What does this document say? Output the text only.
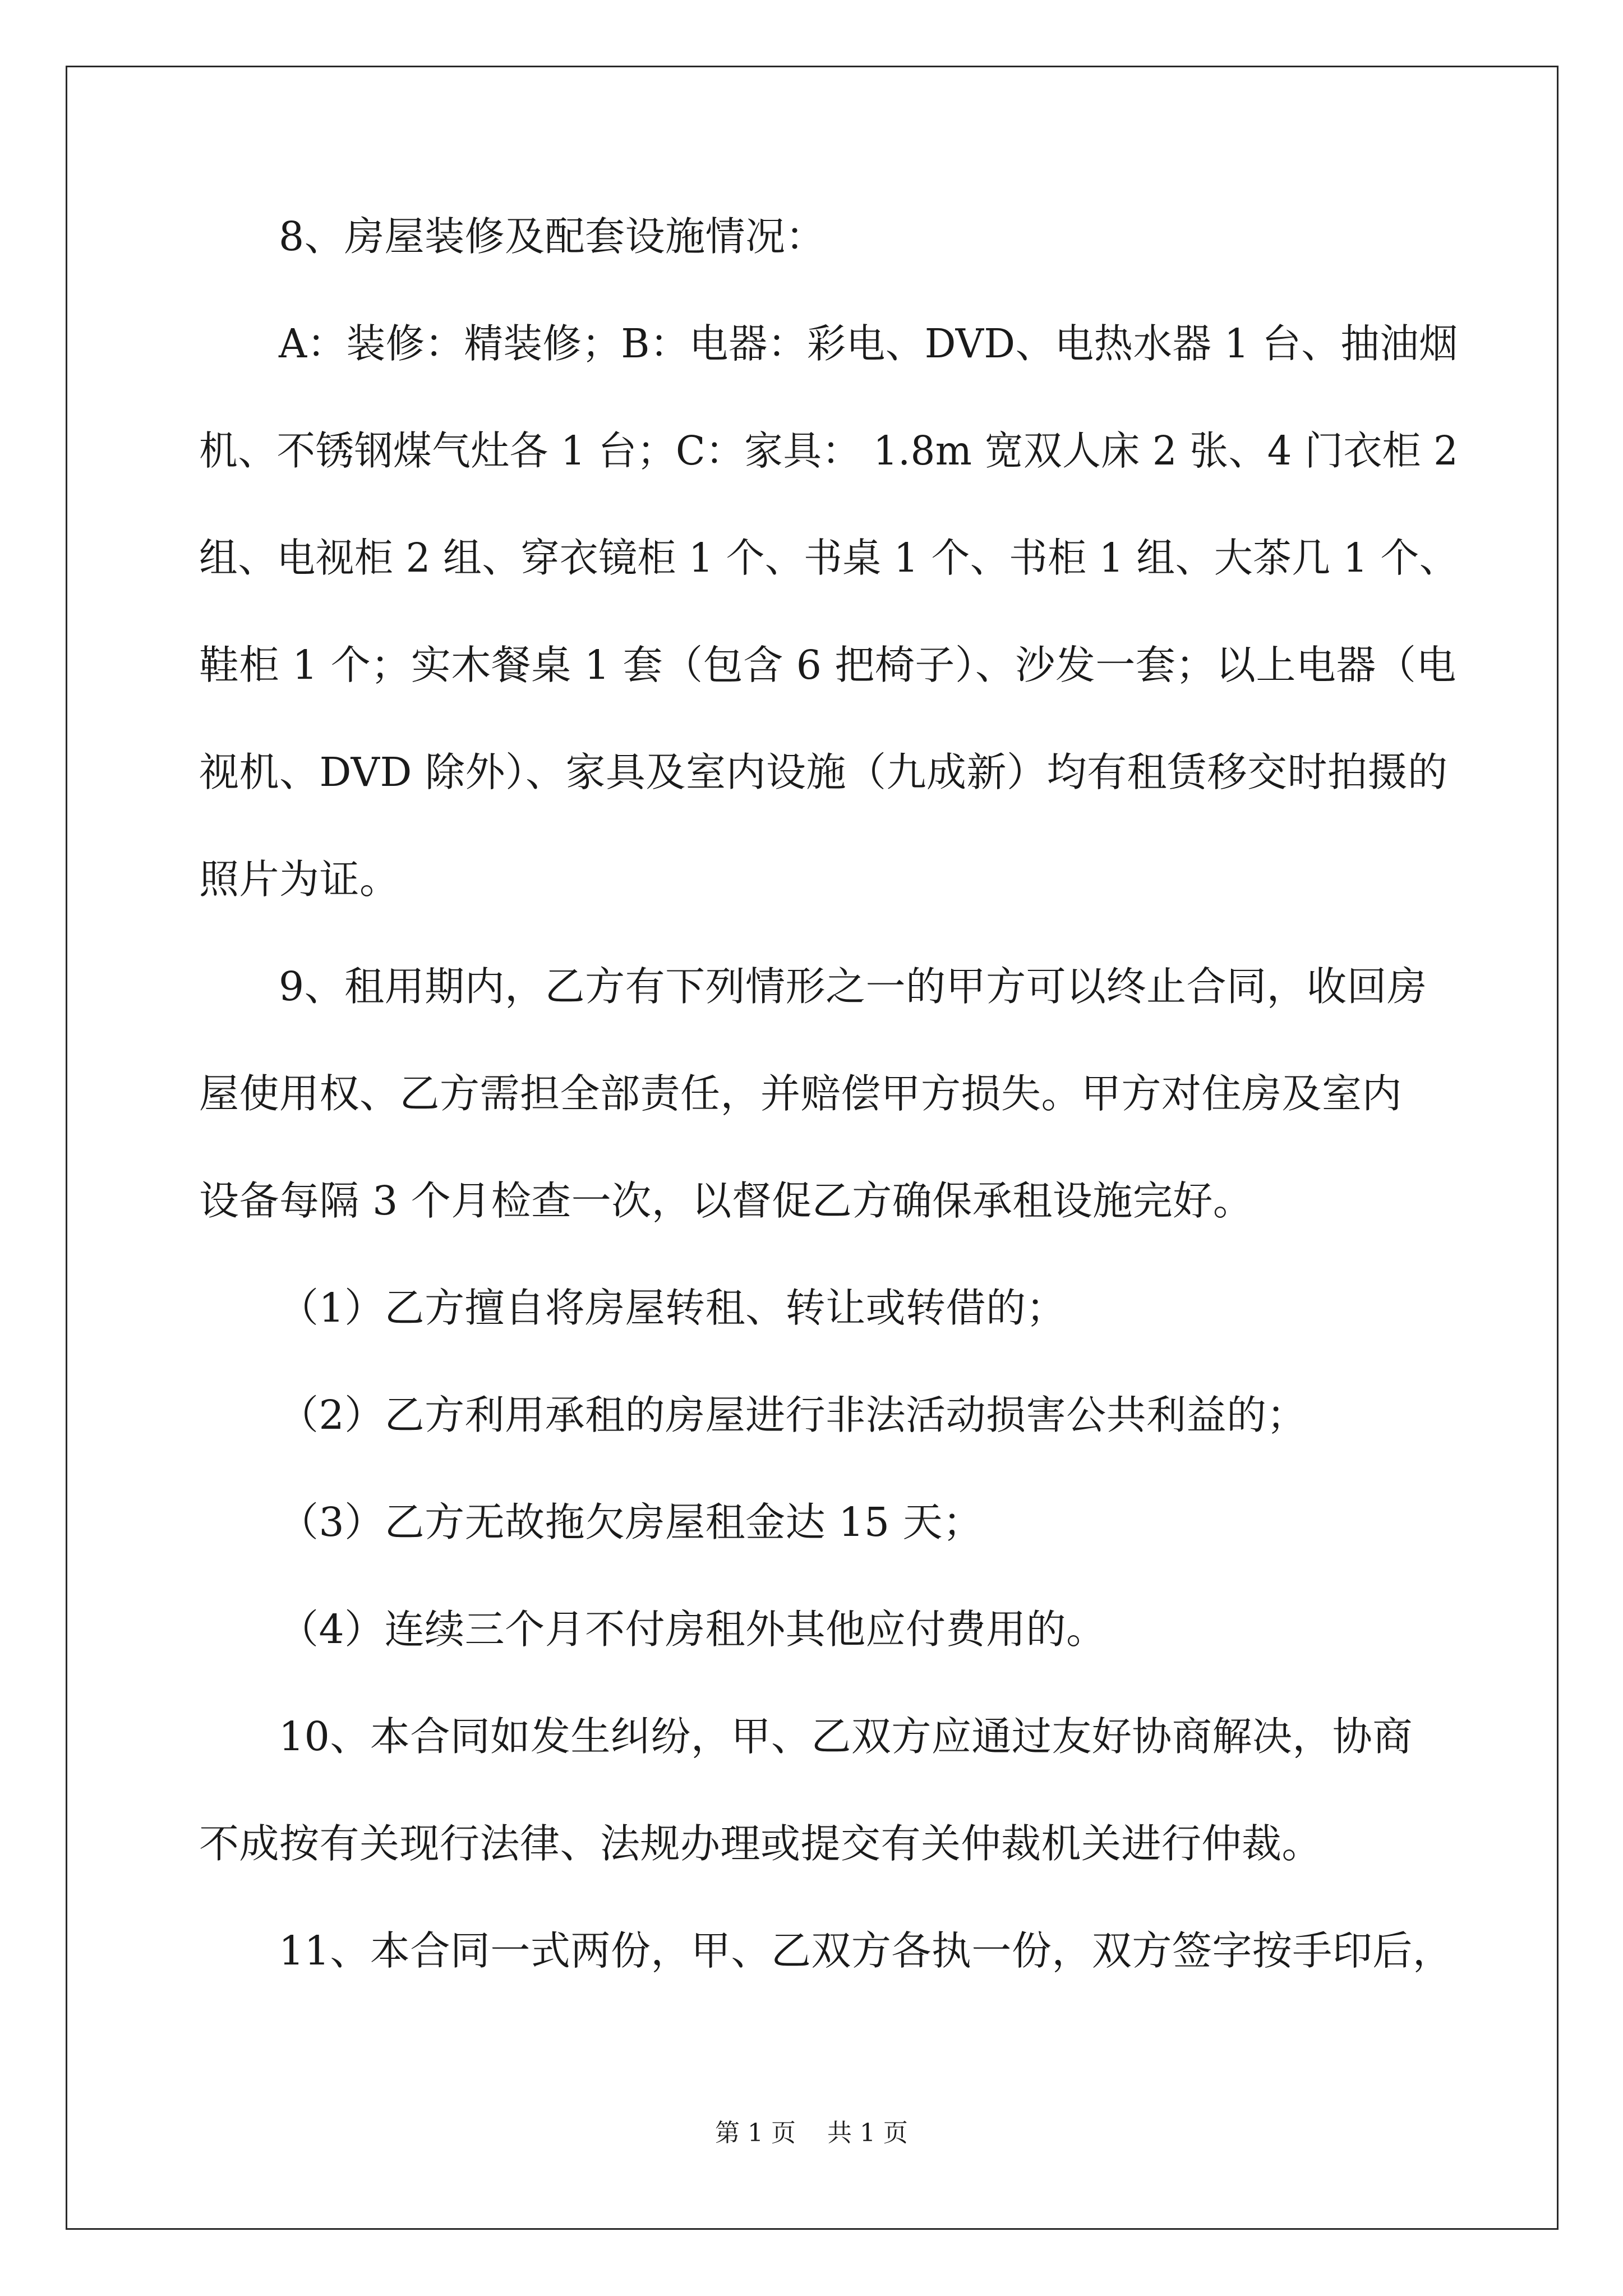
8、房屋装修及配套设施情况：
A：装修：精装修；B：电器：彩电、DVD、电热水器 1 台、抽油烟
机、不锈钢煤气灶各 1 台；C：家具： 1.8m 宽双人床 2 张、4 门衣柜 2
组、电视柜 2 组、穿衣镜柜 1 个、书桌 1 个、书柜 1 组、大茶几 1 个、
鞋柜 1 个；实木餐桌 1 套（包含 6 把椅子）、沙发一套；以上电器（电
视机、DVD 除外）、家具及室内设施（九成新）均有租赁移交时拍摄的
照片为证。
9、租用期内，乙方有下列情形之一的甲方可以终止合同，收回房
屋使用权、乙方需担全部责任，并赔偿甲方损失。甲方对住房及室内
设备每隔 3 个月检查一次，以督促乙方确保承租设施完好。
（1）乙方擅自将房屋转租、转让或转借的；
（2）乙方利用承租的房屋进行非法活动损害公共利益的；
（3）乙方无故拖欠房屋租金达 15 天；
（4）连续三个月不付房租外其他应付费用的。
10、本合同如发生纠纷，甲、乙双方应通过友好协商解决，协商
不成按有关现行法律、法规办理或提交有关仲裁机关进行仲裁。
11、本合同一式两份，甲、乙双方各执一份，双方签字按手印后，
第 1 页    共 1 页
